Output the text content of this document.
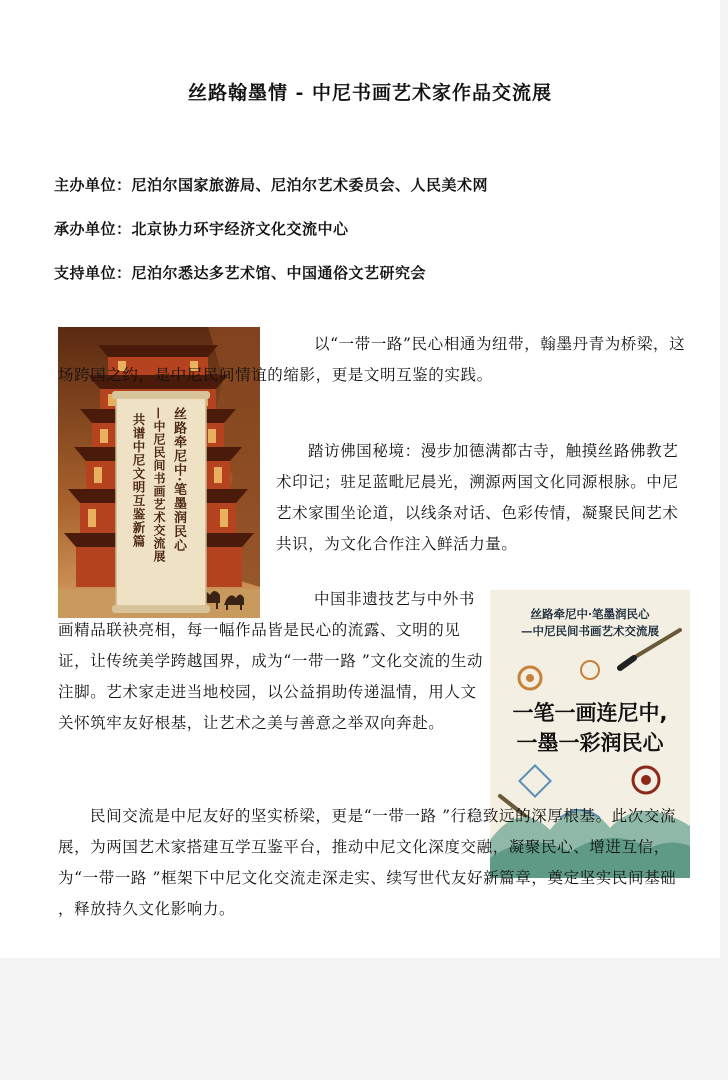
丝路翰墨情 - 中尼书画艺术家作品交流展
主办单位：尼泊尔国家旅游局、尼泊尔艺术委员会、人民美术网
承办单位：北京协力环宇经济文化交流中心
支持单位：尼泊尔悉达多艺术馆、中国通俗文艺研究会
丝路牵尼中·笔墨润民心
—中尼民间书画艺术交流展
共谱中尼文明互鉴新篇

以“一带一路”民心相通为纽带，翰墨丹青为桥梁，这场跨国之约，是中尼民间情谊的缩影，更是文明互鉴的实践。

踏访佛国秘境：漫步加德满都古寺，触摸丝路佛教艺术印记；驻足蓝毗尼晨光，溯源两国文化同源根脉。中尼艺术家围坐论道，以线条对话、色彩传情，凝聚民间艺术共识，为文化合作注入鲜活力量。

丝路牵尼中·笔墨润民心
—中尼民间书画艺术交流展
一笔一画连尼中,
一墨一彩润民心

中国非遗技艺与中外书画精品联袂亮相，每一幅作品皆是民心的流露、文明的见证，让传统美学跨越国界，成为“一带一路 ”文化交流的生动注脚。艺术家走进当地校园，以公益捐助传递温情，用人文关怀筑牢友好根基，让艺术之美与善意之举双向奔赴。

民间交流是中尼友好的坚实桥梁，更是“一带一路 ”行稳致远的深厚根基。此次交流展，为两国艺术家搭建互学互鉴平台，推动中尼文化深度交融，凝聚民心、增进互信，为“一带一路 ”框架下中尼文化交流走深走实、续写世代友好新篇章，奠定坚实民间基础 ，释放持久文化影响力。
